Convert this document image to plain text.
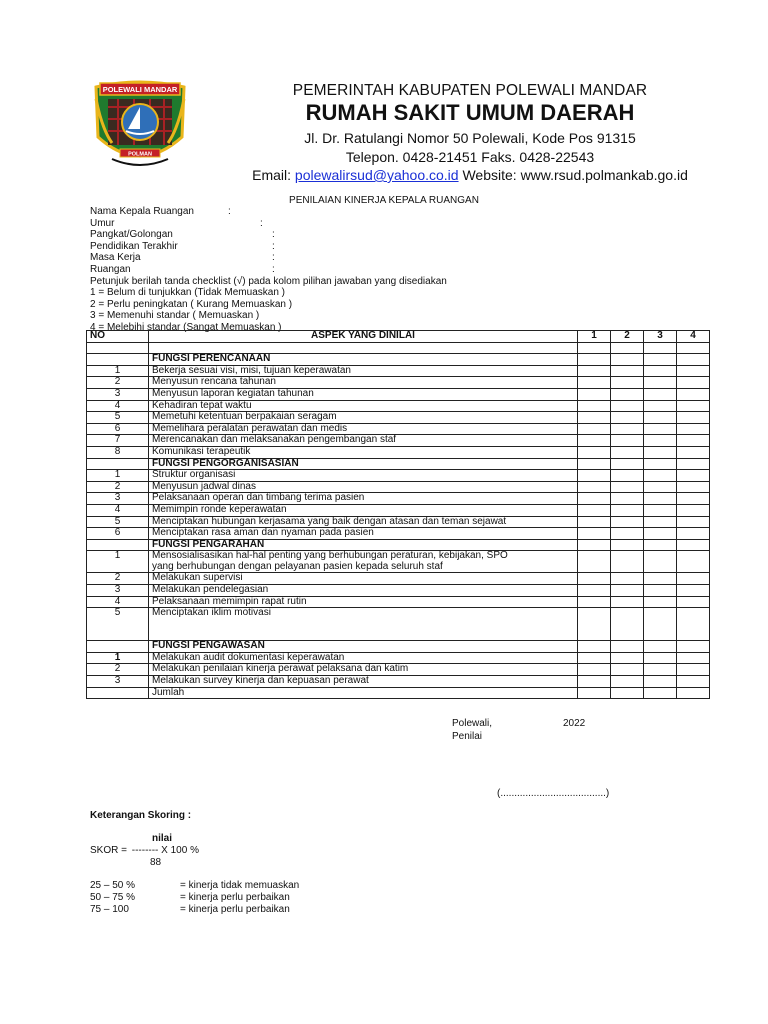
POLEWALI MANDAR
POLMAN
PEMERINTAH KABUPATEN POLEWALI MANDAR
RUMAH SAKIT UMUM DAERAH
Jl. Dr. Ratulangi Nomor 50 Polewali, Kode Pos 91315
Telepon. 0428-21451 Faks. 0428-22543
Email: polewalirsud@yahoo.co.id Website: www.rsud.polmankab.go.id
PENILAIAN KINERJA KEPALA RUANGAN
Nama Kepala Ruangan	:
Umur	:
Pangkat/Golongan	:
Pendidikan Terakhir	:
Masa Kerja	:
Ruangan	:
Petunjuk berilah tanda checklist (√) pada kolom pilihan jawaban yang disediakan
1 = Belum di tunjukkan (Tidak Memuaskan )
2 = Perlu peningkatan ( Kurang Memuaskan )
3 = Memenuhi standar ( Memuaskan )
4 = Melebihi standar (Sangat Memuaskan )
NO	ASPEK YANG DINILAI	1	2	3	4

	FUNGSI PERENCANAAN				
1	Bekerja sesuai visi, misi, tujuan keperawatan				
2	Menyusun rencana tahunan				
3	Menyusun laporan kegiatan tahunan				
4	Kehadiran tepat waktu				
5	Memetuhi ketentuan berpakaian seragam				
6	Memelihara peralatan perawatan dan medis				
7	Merencanakan dan melaksanakan pengembangan staf				
8	Komunikasi terapeutik				
	FUNGSI PENGORGANISASIAN				
1	Struktur organisasi				
2	Menyusun jadwal dinas				
3	Pelaksanaan operan dan timbang terima pasien				
4	Memimpin ronde keperawatan				
5	Menciptakan hubungan kerjasama yang baik dengan atasan dan teman sejawat				
6	Menciptakan rasa aman dan nyaman pada pasien				
	FUNGSI PENGARAHAN				
1	Mensosialisasikan hal-hal penting yang berhubungan peraturan, kebijakan, SPO
yang berhubungan dengan pelayanan pasien kepada seluruh staf				

2	Melakukan supervisi				
3	Melakukan pendelegasian				
4	Pelaksanaan memimpin rapat rutin				
5	Menciptakan iklim motivasi				
	FUNGSI PENGAWASAN				
1	Melakukan audit dokumentasi keperawatan				
2	Melakukan penilaian kinerja perawat pelaksana dan katim				
3	Melakukan survey kinerja dan kepuasan perawat				
	Jumlah				
Polewali,	2022
Penilai
(......................................)
Keterangan Skoring :
nilai
SKOR = -------- X 100 %
88
25 – 50 %	= kinerja tidak memuaskan
50 – 75 %	= kinerja perlu perbaikan
75 – 100	= kinerja perlu perbaikan
